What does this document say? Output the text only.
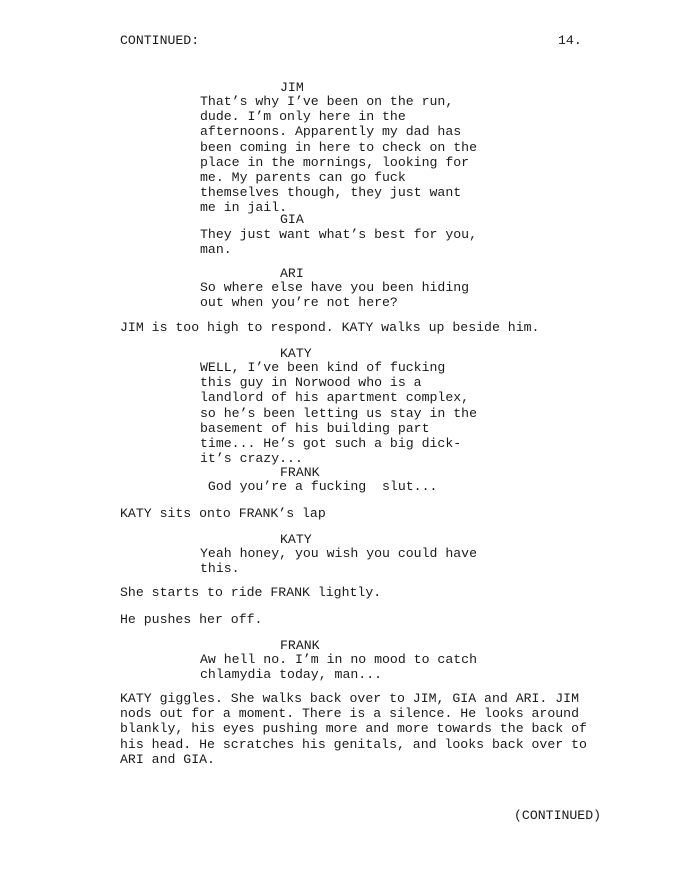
CONTINUED:	14.
JIM
That’s why I’ve been on the run,
dude. I’m only here in the
afternoons. Apparently my dad has
been coming in here to check on the
place in the mornings, looking for
me. My parents can go fuck
themselves though, they just want
me in jail.
GIA
They just want what’s best for you,
man.
ARI
So where else have you been hiding
out when you’re not here?
JIM is too high to respond. KATY walks up beside him.
KATY
WELL, I’ve been kind of fucking
this guy in Norwood who is a
landlord of his apartment complex,
so he’s been letting us stay in the
basement of his building part
time... He’s got such a big dick-
it’s crazy...
FRANK
God you’re a fucking  slut...
KATY sits onto FRANK’s lap
KATY
Yeah honey, you wish you could have
this.
She starts to ride FRANK lightly.
He pushes her off.
FRANK
Aw hell no. I’m in no mood to catch
chlamydia today, man...
KATY giggles. She walks back over to JIM, GIA and ARI. JIM
nods out for a moment. There is a silence. He looks around
blankly, his eyes pushing more and more towards the back of
his head. He scratches his genitals, and looks back over to
ARI and GIA.
(CONTINUED)
